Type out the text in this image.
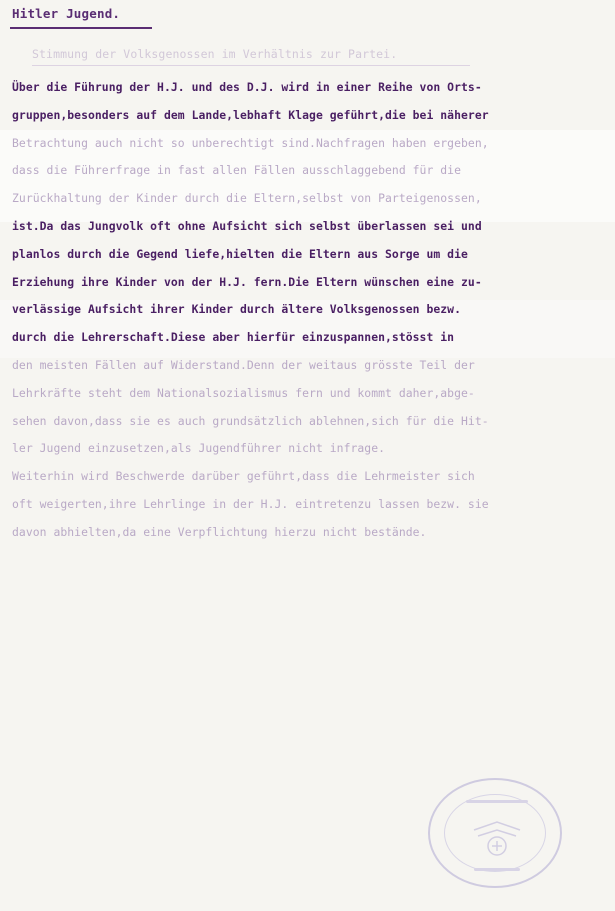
Hitler Jugend.
Stimmung der Volksgenossen im Verhältnis zur Partei.
Über die Führung der H.J. und des D.J. wird in einer Reihe von Orts-
gruppen,besonders auf dem Lande,lebhaft Klage geführt,die bei näherer
Betrachtung auch nicht so unberechtigt sind.Nachfragen haben ergeben,
dass die Führerfrage in fast allen Fällen ausschlaggebend für die
Zurückhaltung der Kinder durch die Eltern,selbst von Parteigenossen,
ist.Da das Jungvolk oft ohne Aufsicht sich selbst überlassen sei und
planlos durch die Gegend liefe,hielten die Eltern aus Sorge um die
Erziehung ihre Kinder von der H.J. fern.Die Eltern wünschen eine zu-
verlässige Aufsicht ihrer Kinder durch ältere Volksgenossen bezw.
durch die Lehrerschaft.Diese aber hierfür einzuspannen,stösst in
den meisten Fällen auf Widerstand.Denn der weitaus grösste Teil der
Lehrkräfte steht dem Nationalsozialismus fern und kommt daher,abge-
sehen davon,dass sie es auch grundsätzlich ablehnen,sich für die Hit-
ler Jugend einzusetzen,als Jugendführer nicht infrage.
Weiterhin wird Beschwerde darüber geführt,dass die Lehrmeister sich
oft weigerten,ihre Lehrlinge in der H.J. eintretenzu lassen bezw. sie
davon abhielten,da eine Verpflichtung hierzu nicht bestände.
